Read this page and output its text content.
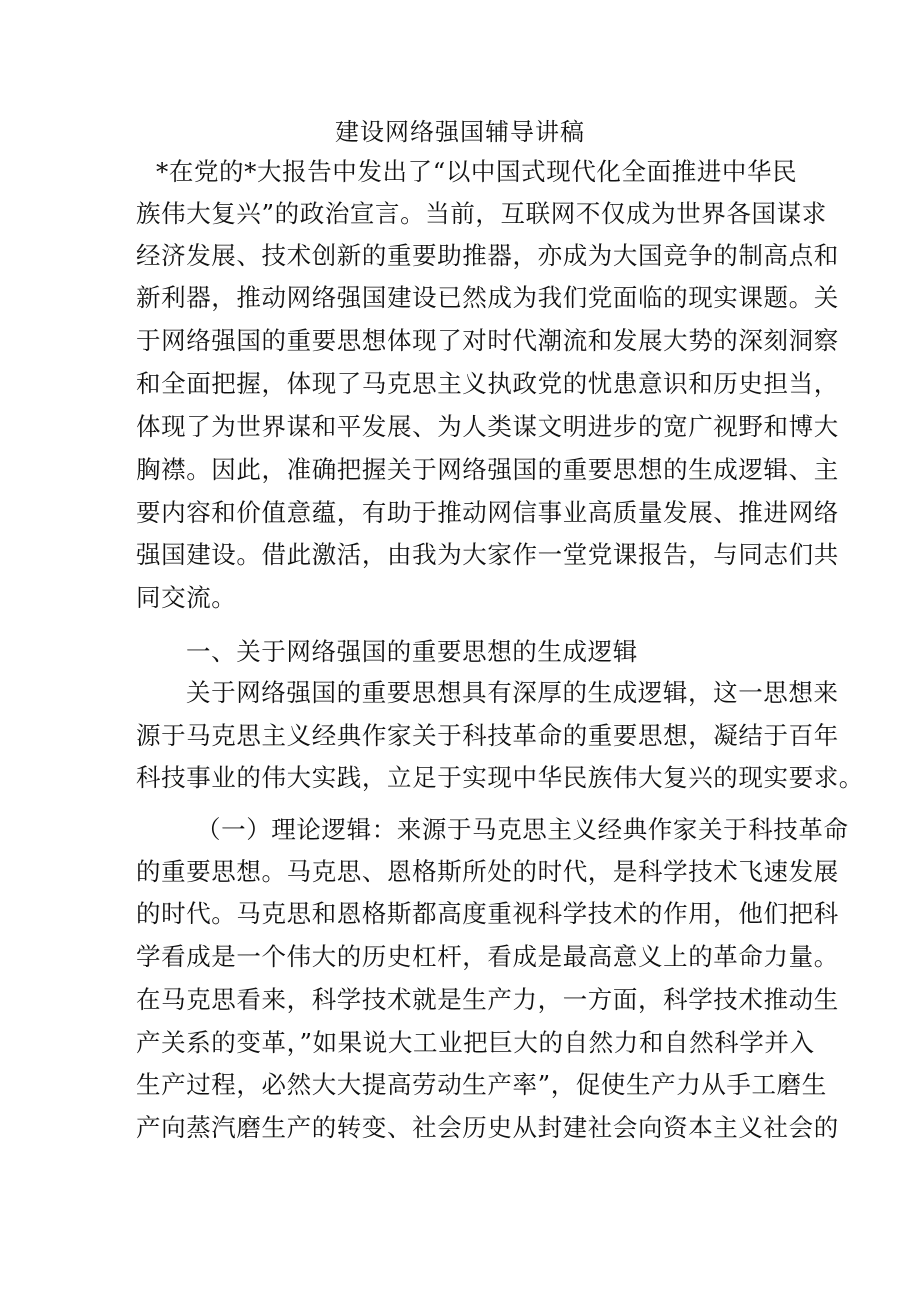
建设网络强国辅导讲稿

*在党的*大报告中发出了“以中国式现代化全面推进中华民

族伟大复兴”的政治宣言。当前，互联网不仅成为世界各国谋求

经济发展、技术创新的重要助推器，亦成为大国竞争的制高点和

新利器，推动网络强国建设已然成为我们党面临的现实课题。关

于网络强国的重要思想体现了对时代潮流和发展大势的深刻洞察

和全面把握，体现了马克思主义执政党的忧患意识和历史担当，

体现了为世界谋和平发展、为人类谋文明进步的宽广视野和博大

胸襟。因此，准确把握关于网络强国的重要思想的生成逻辑、主

要内容和价值意蕴，有助于推动网信事业高质量发展、推进网络

强国建设。借此激活，由我为大家作一堂党课报告，与同志们共

同交流。

一、关于网络强国的重要思想的生成逻辑

关于网络强国的重要思想具有深厚的生成逻辑，这一思想来

源于马克思主义经典作家关于科技革命的重要思想，凝结于百年

科技事业的伟大实践，立足于实现中华民族伟大复兴的现实要求。

（一）理论逻辑：来源于马克思主义经典作家关于科技革命

的重要思想。马克思、恩格斯所处的时代，是科学技术飞速发展

的时代。马克思和恩格斯都高度重视科学技术的作用，他们把科

学看成是一个伟大的历史杠杆，看成是最高意义上的革命力量。

在马克思看来，科学技术就是生产力，一方面，科学技术推动生

产关系的变革，”如果说大工业把巨大的自然力和自然科学并入

生产过程，必然大大提高劳动生产率”，促使生产力从手工磨生

产向蒸汽磨生产的转变、社会历史从封建社会向资本主义社会的
